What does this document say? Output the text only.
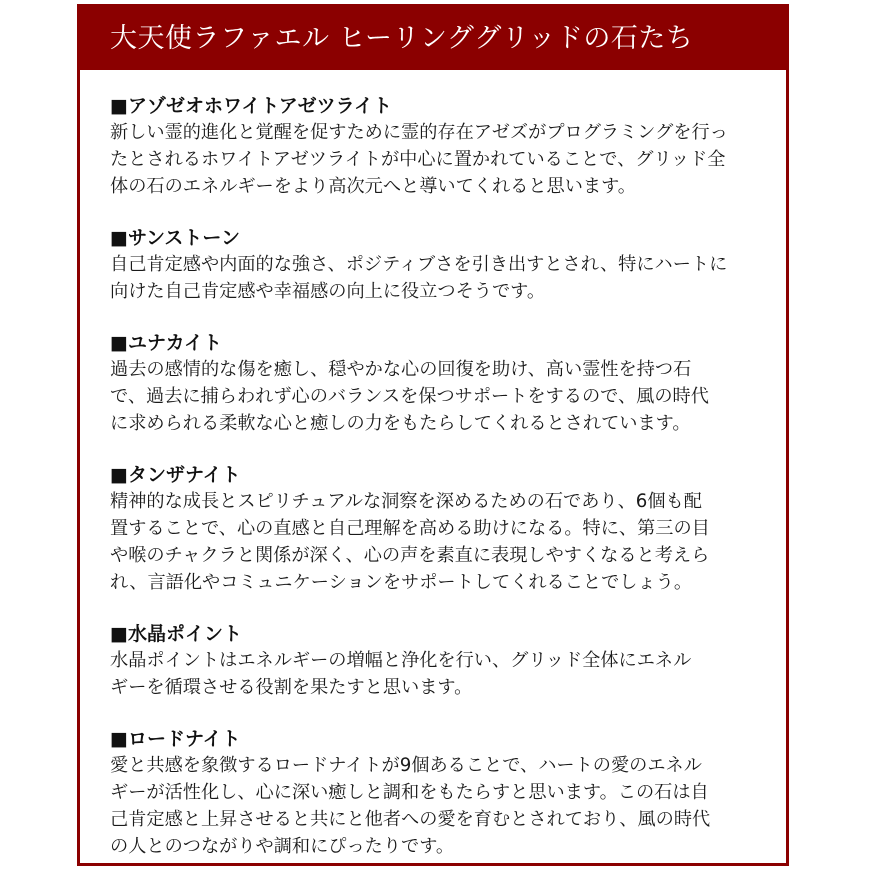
大天使ラファエル ヒーリンググリッドの石たち
■アゾゼオホワイトアゼツライト
新しい霊的進化と覚醒を促すために霊的存在アゼズがプログラミングを行っ
たとされるホワイトアゼツライトが中心に置かれていることで、グリッド全
体の石のエネルギーをより高次元へと導いてくれると思います。
■サンストーン
自己肯定感や内面的な強さ、ポジティブさを引き出すとされ、特にハートに
向けた自己肯定感や幸福感の向上に役立つそうです。
■ユナカイト
過去の感情的な傷を癒し、穏やかな心の回復を助け、高い霊性を持つ石
で、過去に捕らわれず心のバランスを保つサポートをするので、風の時代
に求められる柔軟な心と癒しの力をもたらしてくれるとされています。
■タンザナイト
精神的な成長とスピリチュアルな洞察を深めるための石であり、6個も配
置することで、心の直感と自己理解を高める助けになる。特に、第三の目
や喉のチャクラと関係が深く、心の声を素直に表現しやすくなると考えら
れ、言語化やコミュニケーションをサポートしてくれることでしょう。
■水晶ポイント
水晶ポイントはエネルギーの増幅と浄化を行い、グリッド全体にエネル
ギーを循環させる役割を果たすと思います。
■ロードナイト
愛と共感を象徴するロードナイトが9個あることで、ハートの愛のエネル
ギーが活性化し、心に深い癒しと調和をもたらすと思います。この石は自
己肯定感と上昇させると共にと他者への愛を育むとされており、風の時代
の人とのつながりや調和にぴったりです。
